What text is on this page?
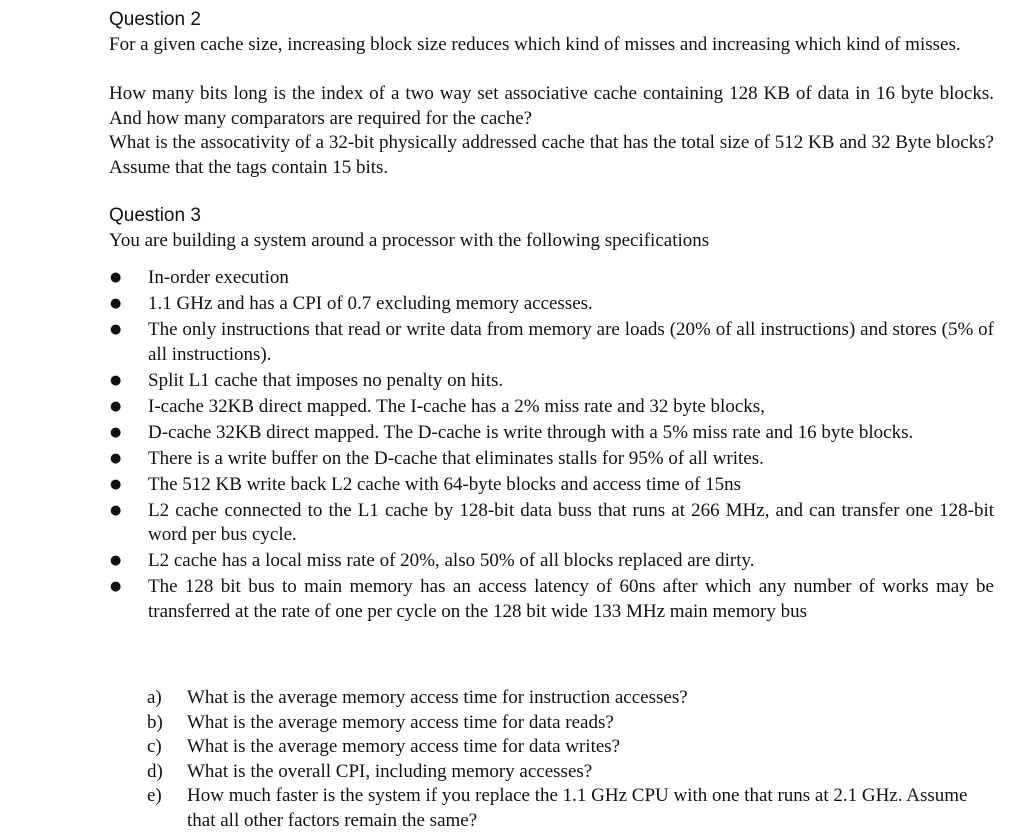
Question 2
For a given cache size, increasing block size reduces which kind of misses and increasing which kind of misses.
How many bits long is the index of a two way set associative cache containing 128 KB of data in 16 byte blocks. And how many comparators are required for the cache?
What is the assocativity of a 32-bit physically addressed cache that has the total size of 512 KB and 32 Byte blocks? Assume that the tags contain 15 bits.
Question 3
You are building a system around a processor with the following specifications
● In-order execution
● 1.1 GHz and has a CPI of 0.7 excluding memory accesses.
● The only instructions that read or write data from memory are loads (20% of all instructions) and stores (5% of all instructions).
● Split L1 cache that imposes no penalty on hits.
● I-cache 32KB direct mapped. The I-cache has a 2% miss rate and 32 byte blocks,
● D-cache 32KB direct mapped. The D-cache is write through with a 5% miss rate and 16 byte blocks.
● There is a write buffer on the D-cache that eliminates stalls for 95% of all writes.
● The 512 KB write back L2 cache with 64-byte blocks and access time of 15ns
● L2 cache connected to the L1 cache by 128-bit data buss that runs at 266 MHz, and can transfer one 128-bit word per bus cycle.
● L2 cache has a local miss rate of 20%, also 50% of all blocks replaced are dirty.
● The 128 bit bus to main memory has an access latency of 60ns after which any number of works may be transferred at the rate of one per cycle on the 128 bit wide 133 MHz main memory bus
a) What is the average memory access time for instruction accesses?
b) What is the average memory access time for data reads?
c) What is the average memory access time for data writes?
d) What is the overall CPI, including memory accesses?
e) How much faster is the system if you replace the 1.1 GHz CPU with one that runs at 2.1 GHz. Assume that all other factors remain the same?
